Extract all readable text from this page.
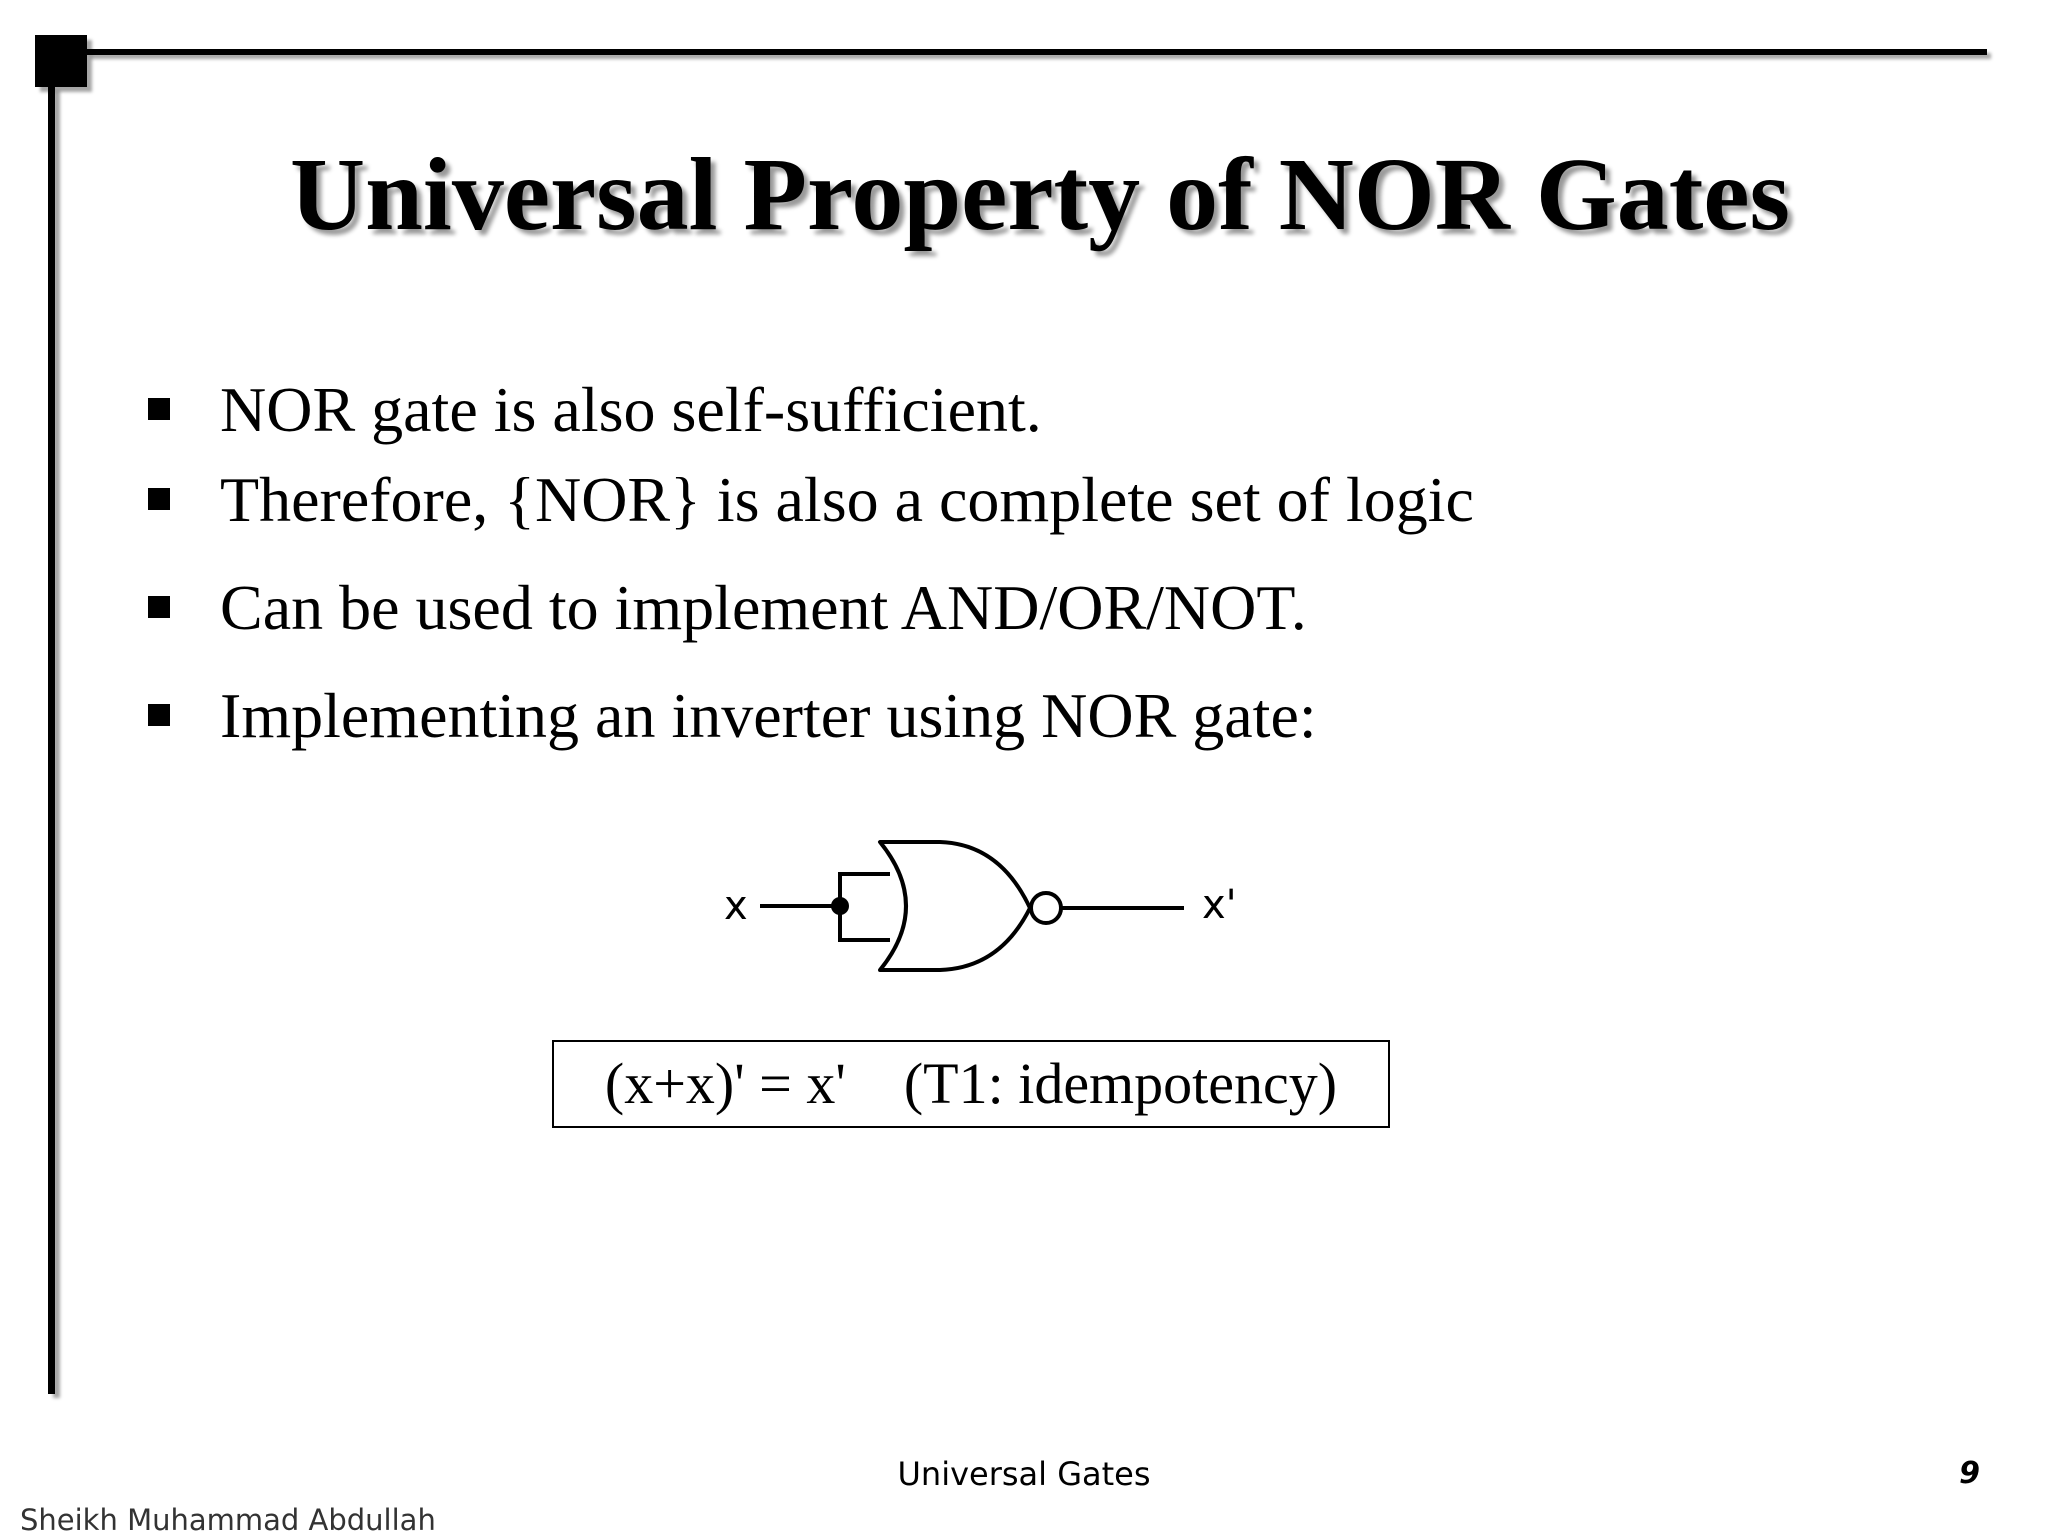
Universal Property of NOR Gates
NOR gate is also self-sufficient.
Therefore, {NOR} is also a complete set of logic
Can be used to implement AND/OR/NOT.
Implementing an inverter using NOR gate:
x	x'
(x+x)' = x' (T1: idempotency)
Universal Gates	9
Sheikh Muhammad Abdullah
